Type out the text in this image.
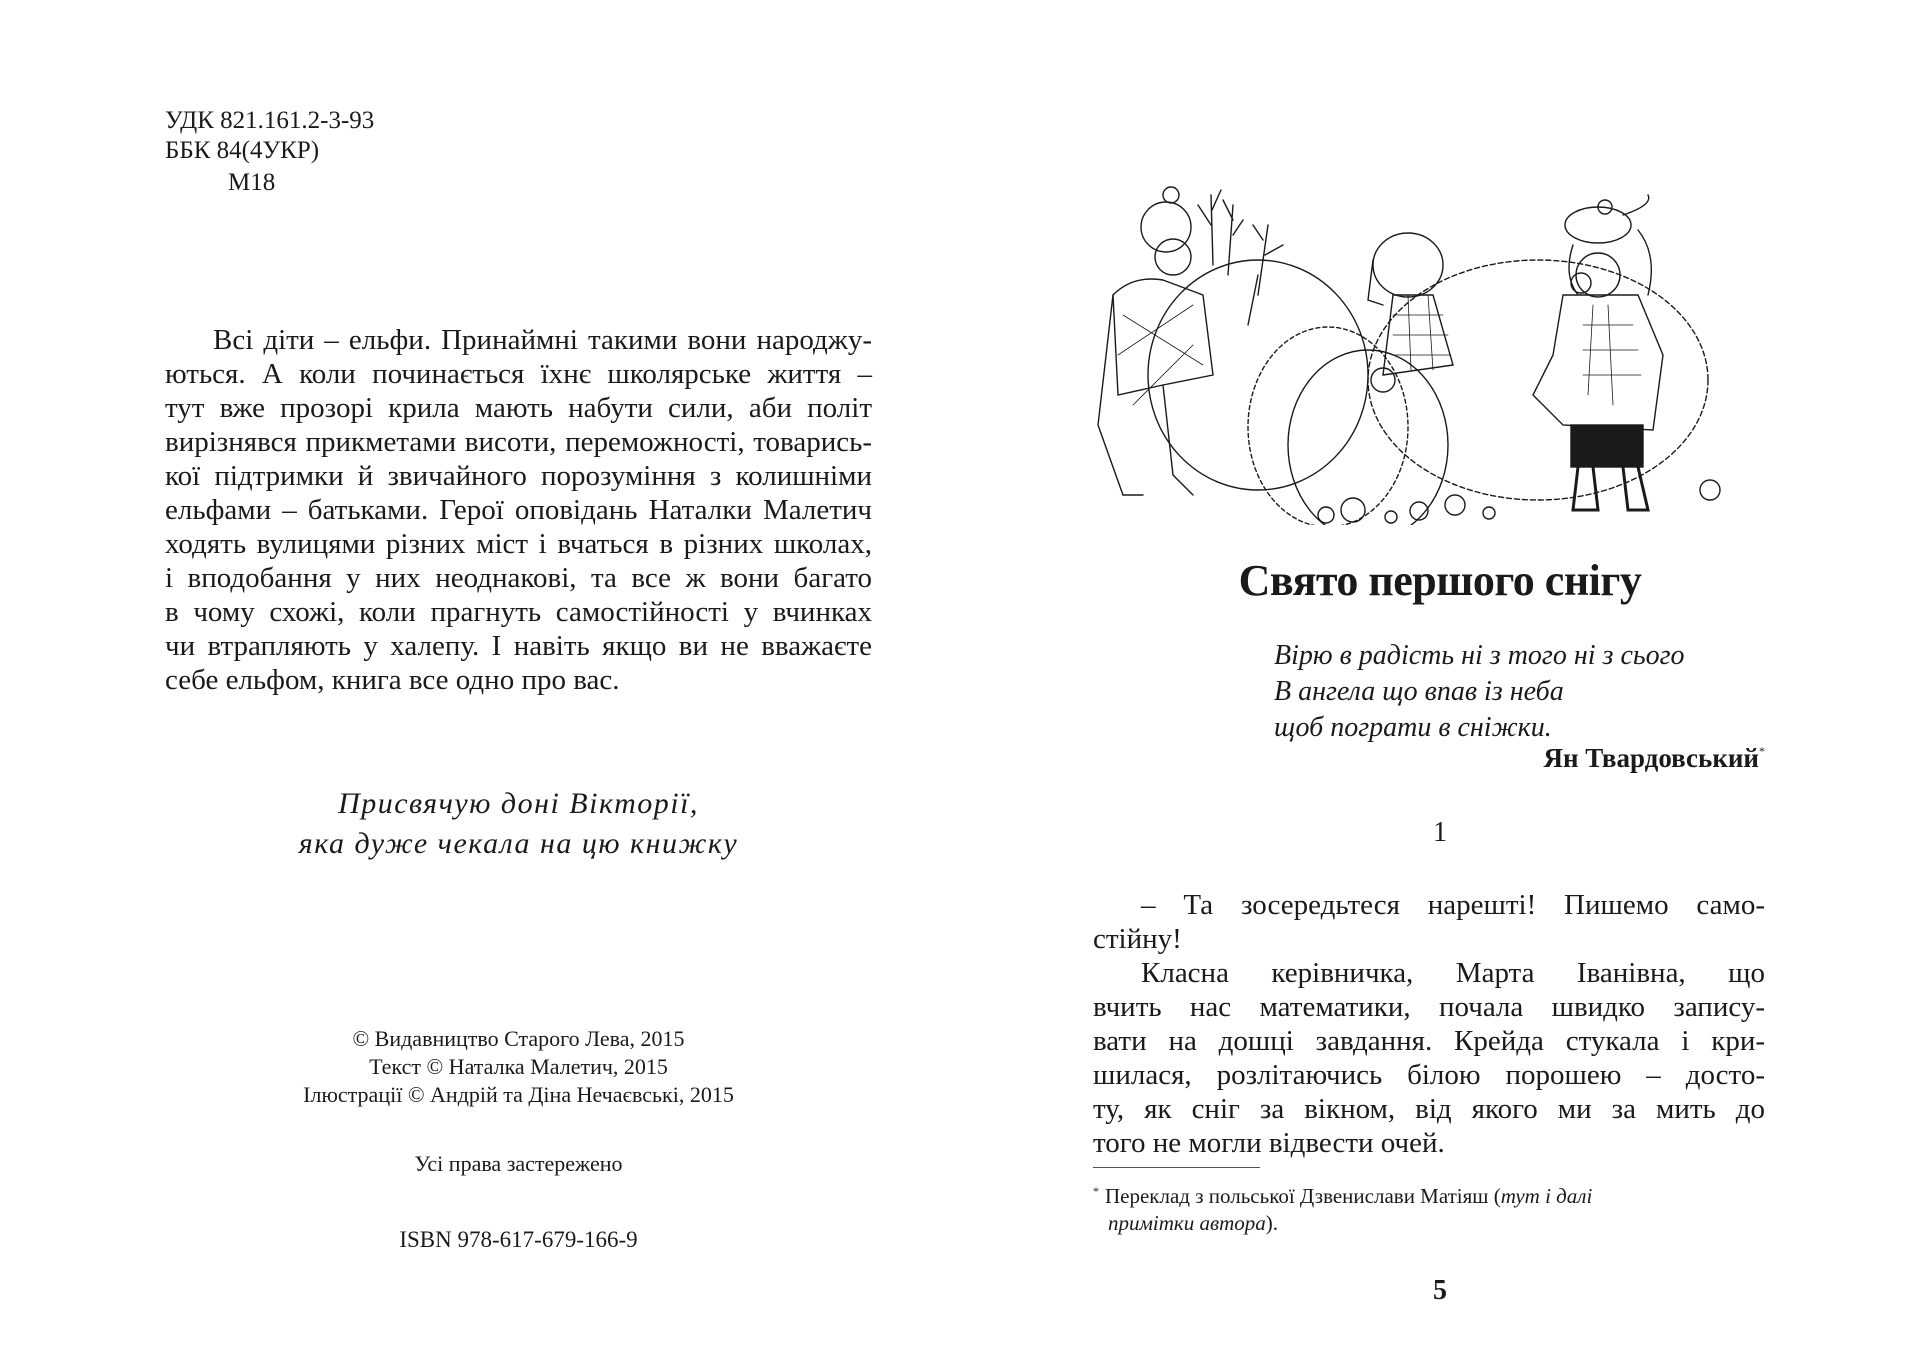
УДК 821.161.2-3-93
ББК 84(4УКР)
М18
Всі діти – ельфи. Принаймні такими вони народжу-
ються. А коли починається їхнє школярське життя –
тут вже прозорі крила мають набути сили, аби політ
вирізнявся прикметами висоти, переможності, товарись-
кої підтримки й звичайного порозуміння з колишніми
ельфами – батьками. Герої оповідань Наталки Малетич
ходять вулицями різних міст і вчаться в різних школах,
і вподобання у них неоднакові, та все ж вони багато
в чому схожі, коли прагнуть самостійності у вчинках
чи втрапляють у халепу. І навіть якщо ви не вважаєте
себе ельфом, книга все одно про вас.
Присвячую доні Вікторії,
яка дуже чекала на цю книжку
© Видавництво Старого Лева, 2015
Текст © Наталка Малетич, 2015
Ілюстрації © Андрій та Діна Нечаєвські, 2015
Усі права застережено
ISBN 978-617-679-166-9
Свято першого снігу
Вірю в радість ні з того ні з сього
В ангела що впав із неба
щоб пограти в сніжки.
Ян Твардовський*
1
– Та зосередьтеся нарешті! Пишемо само-
стійну!
Класна керівничка, Марта Іванівна, що
вчить нас математики, почала швидко запису-
вати на дошці завдання. Крейда стукала і кри-
шилася, розлітаючись білою порошею – досто-
ту, як сніг за вікном, від якого ми за мить до
того не могли відвести очей.
* Переклад з польської Дзвенислави Матіяш (тут і далі
примітки автора).
5
